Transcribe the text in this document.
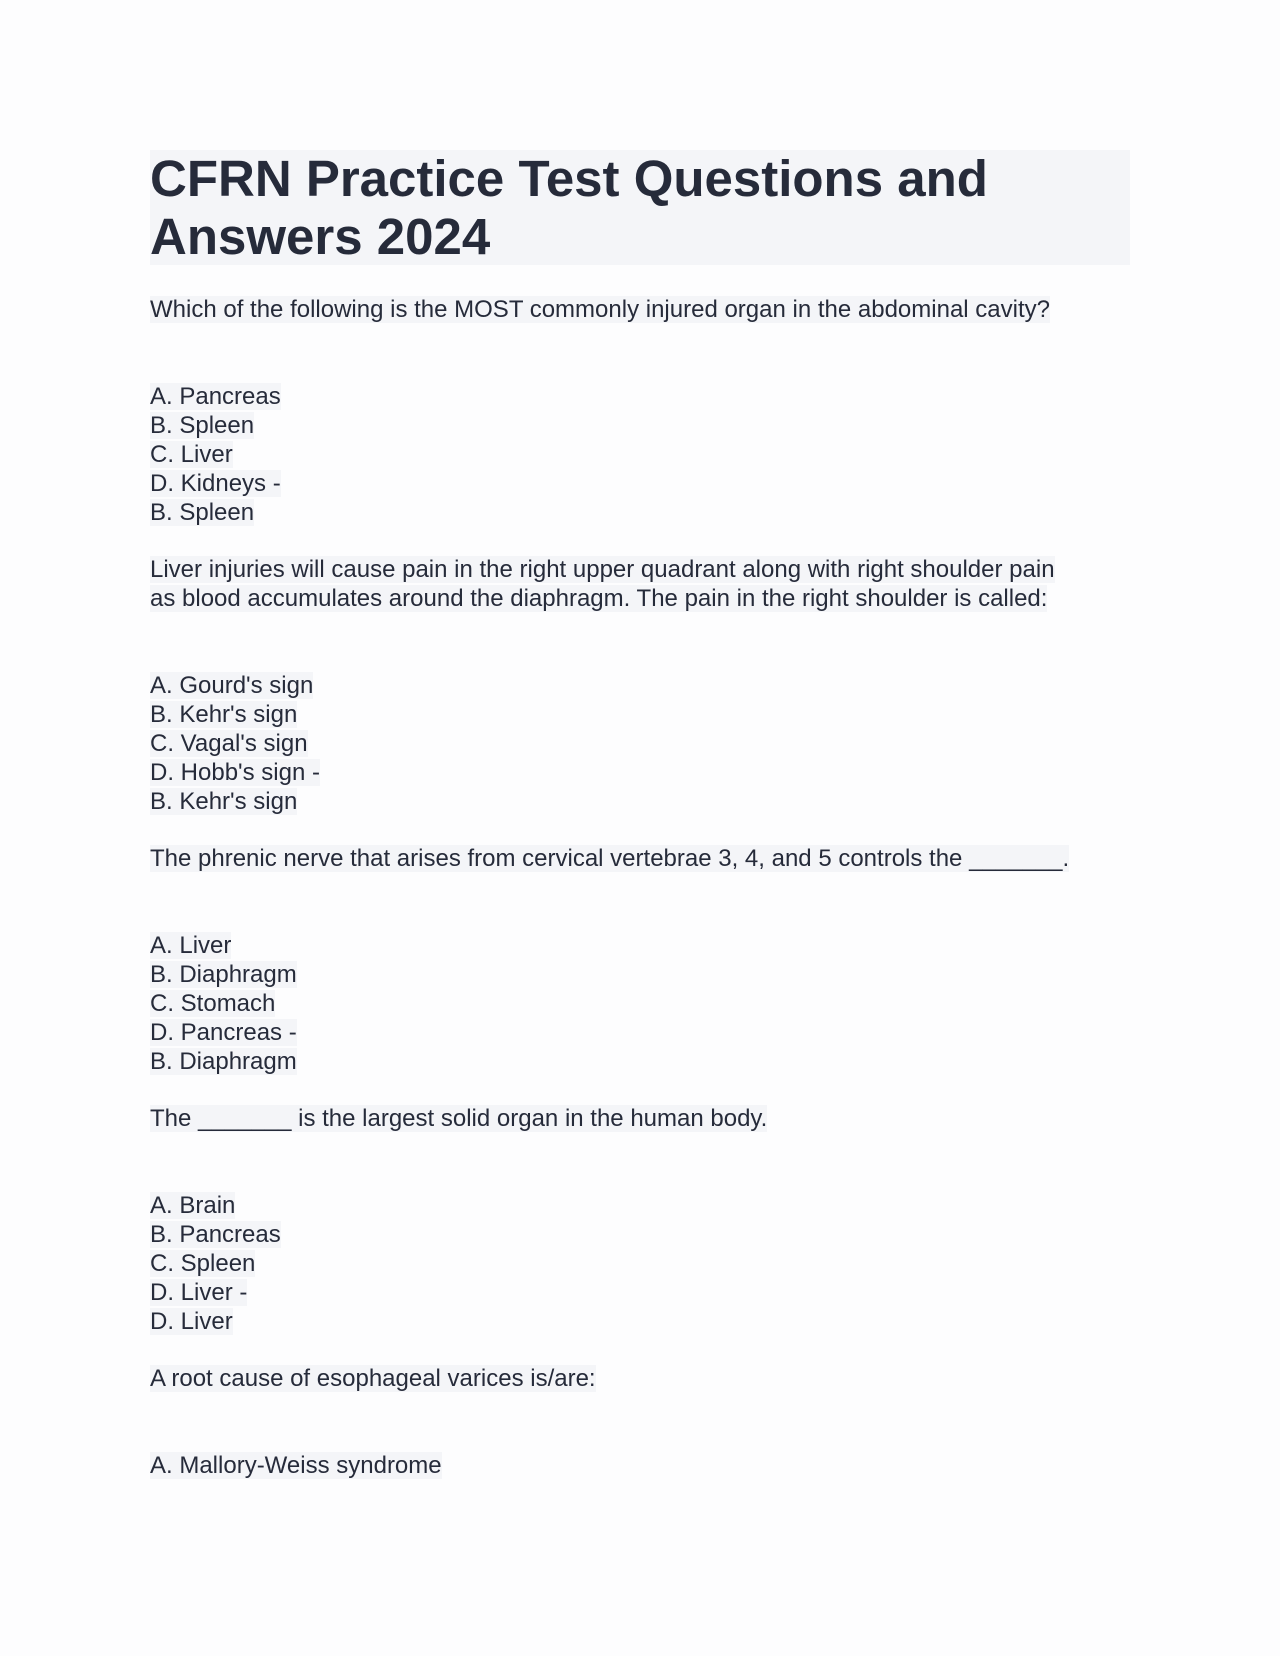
CFRN Practice Test Questions and
Answers 2024
Which of the following is the MOST commonly injured organ in the abdominal cavity?
A. Pancreas
B. Spleen
C. Liver
D. Kidneys -
B. Spleen
Liver injuries will cause pain in the right upper quadrant along with right shoulder pain
as blood accumulates around the diaphragm. The pain in the right shoulder is called:
A. Gourd's sign
B. Kehr's sign
C. Vagal's sign
D. Hobb's sign -
B. Kehr's sign
The phrenic nerve that arises from cervical vertebrae 3, 4, and 5 controls the _______.
A. Liver
B. Diaphragm
C. Stomach
D. Pancreas -
B. Diaphragm
The _______ is the largest solid organ in the human body.
A. Brain
B. Pancreas
C. Spleen
D. Liver -
D. Liver
A root cause of esophageal varices is/are:
A. Mallory-Weiss syndrome
